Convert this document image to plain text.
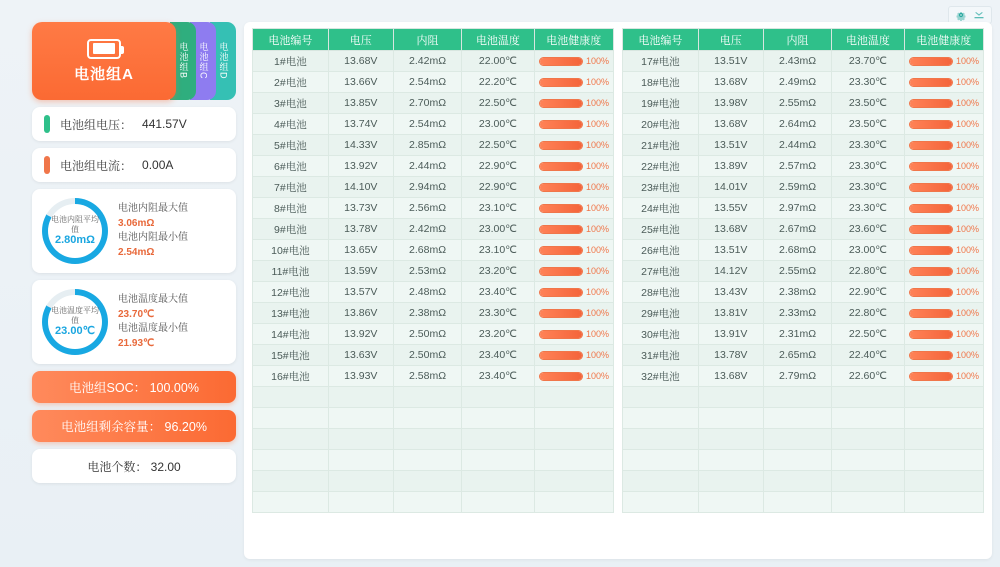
电池组A	电池组B	电池组C	电池组D
电池组电压： 441.57V
电池组电流： 0.00A
电池内阻平均值
2.80mΩ
电池内阻最大值
3.06mΩ
电池内阻最小值
2.54mΩ
电池温度平均值
23.00℃
电池温度最大值
23.70℃
电池温度最小值
21.93℃
电池组SOC： 100.00%
电池组剩余容量： 96.20%
电池个数： 32.00
电池编号	电压	内阻	电池温度	电池健康度
1#电池	13.68V	2.42mΩ	22.00℃	100%

2#电池	13.66V	2.54mΩ	22.20℃	100%

3#电池	13.85V	2.70mΩ	22.50℃	100%

4#电池	13.74V	2.54mΩ	23.00℃	100%

5#电池	14.33V	2.85mΩ	22.50℃	100%

6#电池	13.92V	2.44mΩ	22.90℃	100%

7#电池	14.10V	2.94mΩ	22.90℃	100%

8#电池	13.73V	2.56mΩ	23.10℃	100%

9#电池	13.78V	2.42mΩ	23.00℃	100%

10#电池	13.65V	2.68mΩ	23.10℃	100%

11#电池	13.59V	2.53mΩ	23.20℃	100%

12#电池	13.57V	2.48mΩ	23.40℃	100%

13#电池	13.86V	2.38mΩ	23.30℃	100%

14#电池	13.92V	2.50mΩ	23.20℃	100%

15#电池	13.63V	2.50mΩ	23.40℃	100%

16#电池	13.93V	2.58mΩ	23.40℃	100%

电池编号	电压	内阻	电池温度	电池健康度
17#电池	13.51V	2.43mΩ	23.70℃	100%

18#电池	13.68V	2.49mΩ	23.30℃	100%

19#电池	13.98V	2.55mΩ	23.50℃	100%

20#电池	13.68V	2.64mΩ	23.50℃	100%

21#电池	13.51V	2.44mΩ	23.30℃	100%

22#电池	13.89V	2.57mΩ	23.30℃	100%

23#电池	14.01V	2.59mΩ	23.30℃	100%

24#电池	13.55V	2.97mΩ	23.30℃	100%

25#电池	13.68V	2.67mΩ	23.60℃	100%

26#电池	13.51V	2.68mΩ	23.00℃	100%

27#电池	14.12V	2.55mΩ	22.80℃	100%

28#电池	13.43V	2.38mΩ	22.90℃	100%

29#电池	13.81V	2.33mΩ	22.80℃	100%

30#电池	13.91V	2.31mΩ	22.50℃	100%

31#电池	13.78V	2.65mΩ	22.40℃	100%

32#电池	13.68V	2.79mΩ	22.60℃	100%
